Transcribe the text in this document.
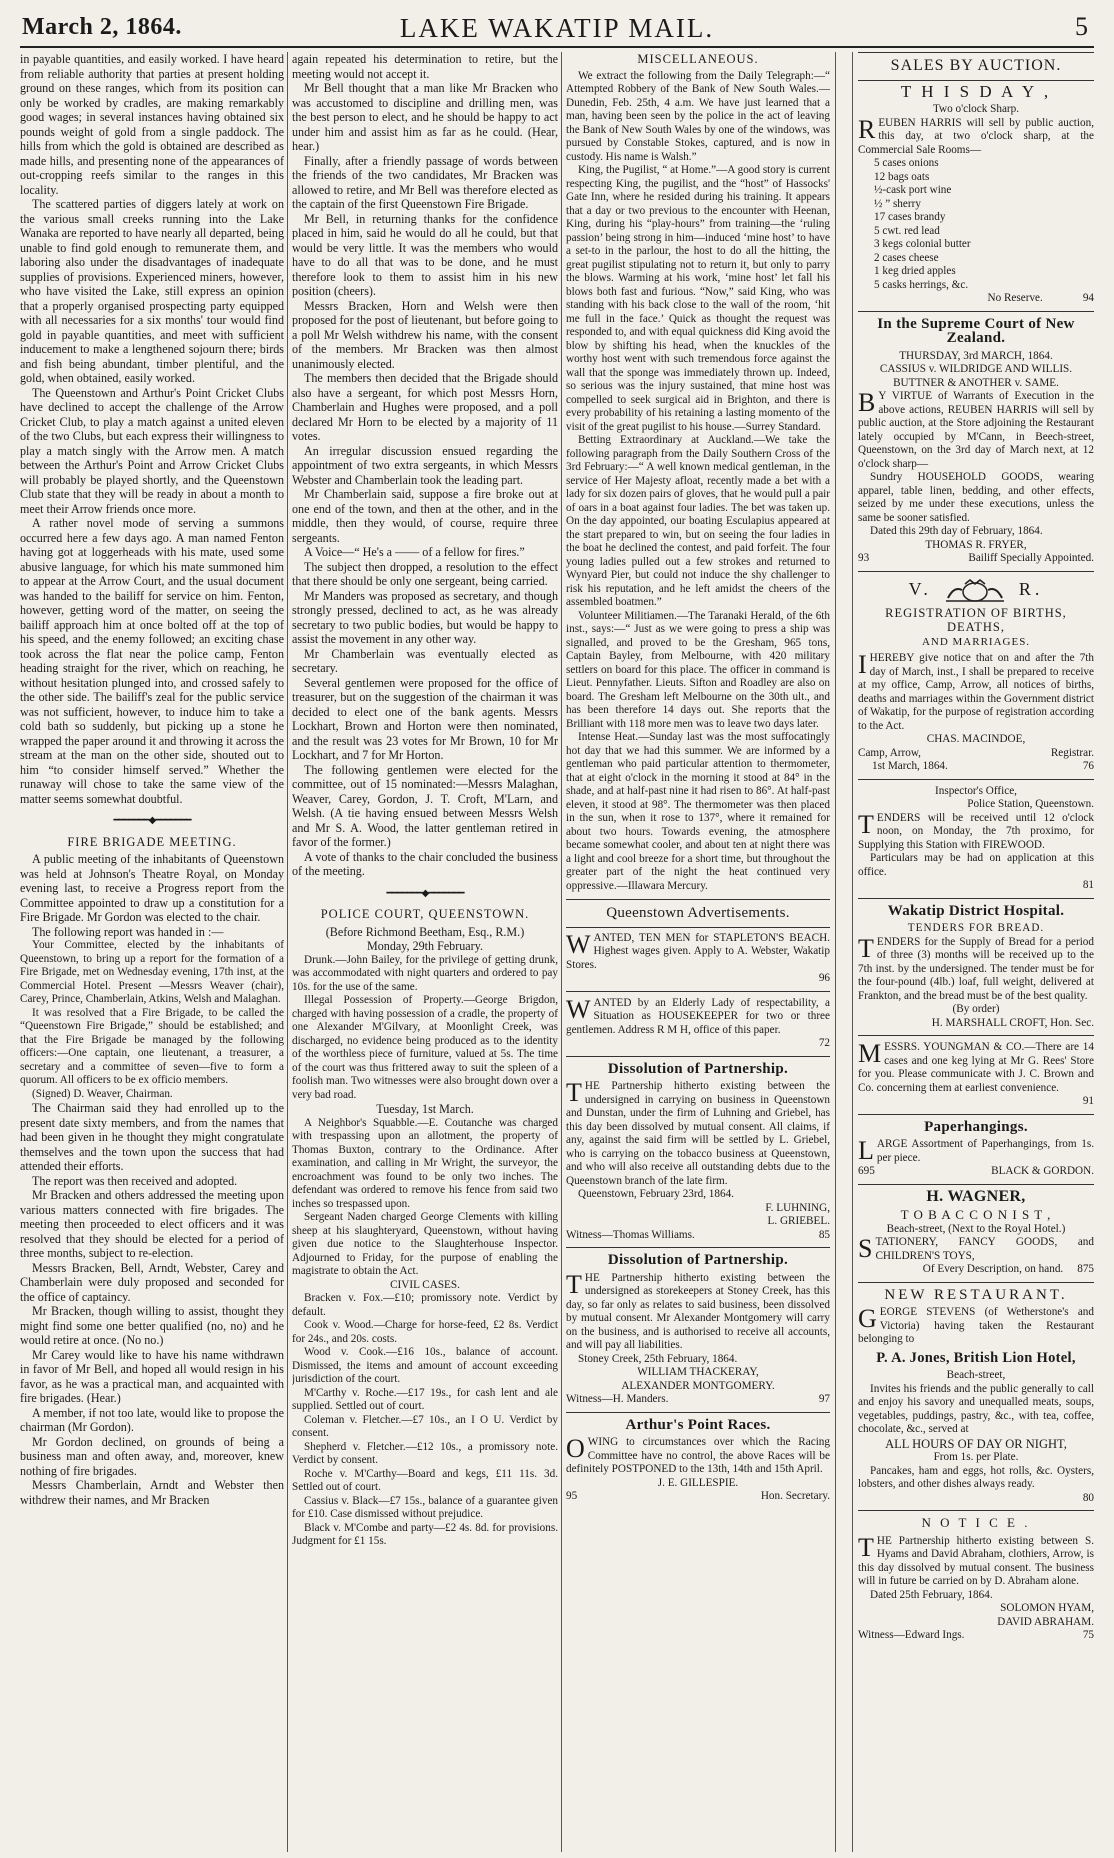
March 2, 1864.	LAKE WAKATIP MAIL.	5

in payable quantities, and easily worked. I have heard from reliable authority that parties at present holding ground on these ranges, which from its position can only be worked by cradles, are making remarkably good wages; in several instances having obtained six pounds weight of gold from a single paddock. The hills from which the gold is obtained are described as made hills, and presenting none of the appearances of out-cropping reefs similar to the ranges in this locality.

The scattered parties of diggers lately at work on the various small creeks running into the Lake Wanaka are reported to have nearly all departed, being unable to find gold enough to remunerate them, and laboring also under the disadvantages of inadequate supplies of provisions. Experienced miners, however, who have visited the Lake, still express an opinion that a properly organised prospecting party equipped with all necessaries for a six months' tour would find gold in payable quantities, and meet with sufficient inducement to make a lengthened sojourn there; birds and fish being abundant, timber plentiful, and the gold, when obtained, easily worked.

The Queenstown and Arthur's Point Cricket Clubs have declined to accept the challenge of the Arrow Cricket Club, to play a match against a united eleven of the two Clubs, but each express their willingness to play a match singly with the Arrow men. A match between the Arthur's Point and Arrow Cricket Clubs will probably be played shortly, and the Queenstown Club state that they will be ready in about a month to meet their Arrow friends once more.

A rather novel mode of serving a summons occurred here a few days ago. A man named Fenton having got at loggerheads with his mate, used some abusive language, for which his mate summoned him to appear at the Arrow Court, and the usual document was handed to the bailiff for service on him. Fenton, however, getting word of the matter, on seeing the bailiff approach him at once bolted off at the top of his speed, and the enemy followed; an exciting chase took across the flat near the police camp, Fenton heading straight for the river, which on reaching, he without hesitation plunged into, and crossed safely to the other side. The bailiff's zeal for the public service was not sufficient, however, to induce him to take a cold bath so suddenly, but picking up a stone he wrapped the paper around it and throwing it across the stream at the man on the other side, shouted out to him “to consider himself served.” Whether the runaway will chose to take the same view of the matter seems somewhat doubtful.

━━━━━━━◆━━━━━━━
FIRE BRIGADE MEETING.

A public meeting of the inhabitants of Queenstown was held at Johnson's Theatre Royal, on Monday evening last, to receive a Progress report from the Committee appointed to draw up a constitution for a Fire Brigade. Mr Gordon was elected to the chair.

The following report was handed in :—

Your Committee, elected by the inhabitants of Queenstown, to bring up a report for the formation of a Fire Brigade, met on Wednesday evening, 17th inst, at the Commercial Hotel. Present —Messrs Weaver (chair), Carey, Prince, Chamberlain, Atkins, Welsh and Malaghan.

It was resolved that a Fire Brigade, to be called the “Queenstown Fire Brigade,” should be established; and that the Fire Brigade be managed by the following officers:—One captain, one lieutenant, a treasurer, a secretary and a committee of seven—five to form a quorum. All officers to be ex officio members.

(Signed) D. Weaver, Chairman.

The Chairman said they had enrolled up to the present date sixty members, and from the names that had been given in he thought they might congratulate themselves and the town upon the success that had attended their efforts.

The report was then received and adopted.

Mr Bracken and others addressed the meeting upon various matters connected with fire brigades. The meeting then proceeded to elect officers and it was resolved that they should be elected for a period of three months, subject to re-election.

Messrs Bracken, Bell, Arndt, Webster, Carey and Chamberlain were duly proposed and seconded for the office of captaincy.

Mr Bracken, though willing to assist, thought they might find some one better qualified (no, no) and he would retire at once. (No no.)

Mr Carey would like to have his name withdrawn in favor of Mr Bell, and hoped all would resign in his favor, as he was a practical man, and acquainted with fire brigades. (Hear.)

A member, if not too late, would like to propose the chairman (Mr Gordon).

Mr Gordon declined, on grounds of being a business man and often away, and, moreover, knew nothing of fire brigades.

Messrs Chamberlain, Arndt and Webster then withdrew their names, and Mr Bracken

again repeated his determination to retire, but the meeting would not accept it.

Mr Bell thought that a man like Mr Bracken who was accustomed to discipline and drilling men, was the best person to elect, and he should be happy to act under him and assist him as far as he could. (Hear, hear.)

Finally, after a friendly passage of words between the friends of the two candidates, Mr Bracken was allowed to retire, and Mr Bell was therefore elected as the captain of the first Queenstown Fire Brigade.

Mr Bell, in returning thanks for the confidence placed in him, said he would do all he could, but that would be very little. It was the members who would have to do all that was to be done, and he must therefore look to them to assist him in his new position (cheers).

Messrs Bracken, Horn and Welsh were then proposed for the post of lieutenant, but before going to a poll Mr Welsh withdrew his name, with the consent of the members. Mr Bracken was then almost unanimously elected.

The members then decided that the Brigade should also have a sergeant, for which post Messrs Horn, Chamberlain and Hughes were proposed, and a poll declared Mr Horn to be elected by a majority of 11 votes.

An irregular discussion ensued regarding the appointment of two extra sergeants, in which Messrs Webster and Chamberlain took the leading part.

Mr Chamberlain said, suppose a fire broke out at one end of the town, and then at the other, and in the middle, then they would, of course, require three sergeants.

A Voice—“ He's a —— of a fellow for fires.”

The subject then dropped, a resolution to the effect that there should be only one sergeant, being carried.

Mr Manders was proposed as secretary, and though strongly pressed, declined to act, as he was already secretary to two public bodies, but would be happy to assist the movement in any other way.

Mr Chamberlain was eventually elected as secretary.

Several gentlemen were proposed for the office of treasurer, but on the suggestion of the chairman it was decided to elect one of the bank agents. Messrs Lockhart, Brown and Horton were then nominated, and the result was 23 votes for Mr Brown, 10 for Mr Lockhart, and 7 for Mr Horton.

The following gentlemen were elected for the committee, out of 15 nominated:—Messrs Malaghan, Weaver, Carey, Gordon, J. T. Croft, M'Larn, and Welsh. (A tie having ensued between Messrs Welsh and Mr S. A. Wood, the latter gentleman retired in favor of the former.)

A vote of thanks to the chair concluded the business of the meeting.

━━━━━━━◆━━━━━━━
POLICE COURT, QUEENSTOWN.

(Before Richmond Beetham, Esq., R.M.)

Monday, 29th February.

Drunk.—John Bailey, for the privilege of getting drunk, was accommodated with night quarters and ordered to pay 10s. for the use of the same.

Illegal Possession of Property.—George Brigdon, charged with having possession of a cradle, the property of one Alexander M'Gilvary, at Moonlight Creek, was discharged, no evidence being produced as to the identity of the worthless piece of furniture, valued at 5s. The time of the court was thus frittered away to suit the spleen of a foolish man. Two witnesses were also brought down over a very bad road.

Tuesday, 1st March.

A Neighbor's Squabble.—E. Coutanche was charged with trespassing upon an allotment, the property of Thomas Buxton, contrary to the Ordinance. After examination, and calling in Mr Wright, the surveyor, the encroachment was found to be only two inches. The defendant was ordered to remove his fence from said two inches so trespassed upon.

Sergeant Naden charged George Clements with killing sheep at his slaughteryard, Queenstown, without having given due notice to the Slaughterhouse Inspector. Adjourned to Friday, for the purpose of enabling the magistrate to obtain the Act.

CIVIL CASES.

Bracken v. Fox.—£10; promissory note. Verdict by default.

Cook v. Wood.—Charge for horse-feed, £2 8s. Verdict for 24s., and 20s. costs.

Wood v. Cook.—£16 10s., balance of account. Dismissed, the items and amount of account exceeding jurisdiction of the court.

M'Carthy v. Roche.—£17 19s., for cash lent and ale supplied. Settled out of court.

Coleman v. Fletcher.—£7 10s., an I O U. Verdict by consent.

Shepherd v. Fletcher.—£12 10s., a promissory note. Verdict by consent.

Roche v. M'Carthy—Board and kegs, £11 11s. 3d. Settled out of court.

Cassius v. Black—£7 15s., balance of a guarantee given for £10. Case dismissed without prejudice.

Black v. M'Combe and party—£2 4s. 8d. for provisions. Judgment for £1 15s.

MISCELLANEOUS.

We extract the following from the Daily Telegraph:—“ Attempted Robbery of the Bank of New South Wales.—Dunedin, Feb. 25th, 4 a.m. We have just learned that a man, having been seen by the police in the act of leaving the Bank of New South Wales by one of the windows, was pursued by Constable Stokes, captured, and is now in custody. His name is Walsh.”

King, the Pugilist, “ at Home.”—A good story is current respecting King, the pugilist, and the “host” of Hassocks' Gate Inn, where he resided during his training. It appears that a day or two previous to the encounter with Heenan, King, during his “play-hours” from training—the ‘ruling passion’ being strong in him—induced ‘mine host’ to have a set-to in the parlour, the host to do all the hitting, the great pugilist stipulating not to return it, but only to parry the blows. Warming at his work, ‘mine host’ let fall his blows both fast and furious. “Now,” said King, who was standing with his back close to the wall of the room, ‘hit me full in the face.’ Quick as thought the request was responded to, and with equal quickness did King avoid the blow by shifting his head, when the knuckles of the worthy host went with such tremendous force against the wall that the sponge was immediately thrown up. Indeed, so serious was the injury sustained, that mine host was compelled to seek surgical aid in Brighton, and there is every probability of his retaining a lasting momento of the visit of the great pugilist to his house.—Surrey Standard.

Betting Extraordinary at Auckland.—We take the following paragraph from the Daily Southern Cross of the 3rd February:—“ A well known medical gentleman, in the service of Her Majesty afloat, recently made a bet with a lady for six dozen pairs of gloves, that he would pull a pair of oars in a boat against four ladies. The bet was taken up. On the day appointed, our boating Esculapius appeared at the start prepared to win, but on seeing the four ladies in the boat he declined the contest, and paid forfeit. The four young ladies pulled out a few strokes and returned to Wynyard Pier, but could not induce the shy challenger to risk his reputation, and he left amidst the cheers of the assembled boatmen.”

Volunteer Militiamen.—The Taranaki Herald, of the 6th inst., says:—“ Just as we were going to press a ship was signalled, and proved to be the Gresham, 965 tons, Captain Bayley, from Melbourne, with 420 military settlers on board for this place. The officer in command is Lieut. Pennyfather. Lieuts. Sifton and Roadley are also on board. The Gresham left Melbourne on the 30th ult., and has been therefore 14 days out. She reports that the Brilliant with 118 more men was to leave two days later.

Intense Heat.—Sunday last was the most suffocatingly hot day that we had this summer. We are informed by a gentleman who paid particular attention to thermometer, that at eight o'clock in the morning it stood at 84° in the shade, and at half-past nine it had risen to 86°. At half-past eleven, it stood at 98°. The thermometer was then placed in the sun, when it rose to 137°, where it remained for about two hours. Towards evening, the atmosphere became somewhat cooler, and about ten at night there was a light and cool breeze for a short time, but throughout the greater part of the night the heat continued very oppressive.—Illawara Mercury.

Queenstown Advertisements.

WANTED, TEN MEN for STAPLETON'S BEACH. Highest wages given. Apply to A. Webster, Wakatip Stores.

96

WANTED by an Elderly Lady of respectability, a Situation as HOUSEKEEPER for two or three gentlemen. Address R M H, office of this paper.

72

Dissolution of Partnership.

THE Partnership hitherto existing between the undersigned in carrying on business in Queenstown and Dunstan, under the firm of Luhning and Griebel, has this day been dissolved by mutual consent. All claims, if any, against the said firm will be settled by L. Griebel, who is carrying on the tobacco business at Queenstown, and who will also receive all outstanding debts due to the Queenstown branch of the late firm.

Queenstown, February 23rd, 1864.

F. LUHNING,

L. GRIEBEL.

Witness—Thomas Williams.	85
Dissolution of Partnership.

THE Partnership hitherto existing between the undersigned as storekeepers at Stoney Creek, has this day, so far only as relates to said business, been dissolved by mutual consent. Mr Alexander Montgomery will carry on the business, and is authorised to receive all accounts, and will pay all liabilities.

Stoney Creek, 25th February, 1864.

WILLIAM THACKERAY,

ALEXANDER MONTGOMERY.

Witness—H. Manders.	97
Arthur's Point Races.

OWING to circumstances over which the Racing Committee have no control, the above Races will be definitely POSTPONED to the 13th, 14th and 15th April.

J. E. GILLESPIE.

95	Hon. Secretary.
SALES BY AUCTION.
T H I S D A Y ,

Two o'clock Sharp.

REUBEN HARRIS will sell by public auction, this day, at two o'clock sharp, at the Commercial Sale Rooms—

5 cases onions

12 bags oats

½-cask port wine

½ ” sherry

17 cases brandy

5 cwt. red lead

3 kegs colonial butter

2 cases cheese

1 keg dried apples

5 casks herrings, &c.

No Reserve.	94
In the Supreme Court of New Zealand.

THURSDAY, 3rd MARCH, 1864.

CASSIUS v. WILDRIDGE AND WILLIS.

BUTTNER & ANOTHER v. SAME.

BY VIRTUE of Warrants of Execution in the above actions, REUBEN HARRIS will sell by public auction, at the Store adjoining the Restaurant lately occupied by M'Cann, in Beech-street, Queenstown, on the 3rd day of March next, at 12 o'clock sharp—

Sundry HOUSEHOLD GOODS, wearing apparel, table linen, bedding, and other effects, seized by me under these executions, unless the same be sooner satisfied.

Dated this 29th day of February, 1864.

THOMAS R. FRYER,

93	Bailiff Specially Appointed.
V.	R.
REGISTRATION OF BIRTHS, DEATHS,
AND MARRIAGES.

IHEREBY give notice that on and after the 7th day of March, inst., I shall be prepared to receive at my office, Camp, Arrow, all notices of births, deaths and marriages within the Government district of Wakatip, for the purpose of registration according to the Act.

CHAS. MACINDOE,

Camp, Arrow,	Registrar.
1st March, 1864.	76

Inspector's Office,

Police Station, Queenstown.

TENDERS will be received until 12 o'clock noon, on Monday, the 7th proximo, for Supplying this Station with FIREWOOD.

Particulars may be had on application at this office.

81

Wakatip District Hospital.

TENDERS FOR BREAD.

TENDERS for the Supply of Bread for a period of three (3) months will be received up to the 7th inst. by the undersigned. The tender must be for the four-pound (4lb.) loaf, full weight, delivered at Frankton, and the bread must be of the best quality.

(By order)

H. MARSHALL CROFT, Hon. Sec.

MESSRS. YOUNGMAN & CO.—There are 14 cases and one keg lying at Mr G. Rees' Store for you. Please communicate with J. C. Brown and Co. concerning them at earliest convenience.

91

Paperhangings.

LARGE Assortment of Paperhangings, from 1s. per piece.

695	BLACK & GORDON.
H. WAGNER,

T O B A C C O N I S T ,

Beach-street, (Next to the Royal Hotel.)

STATIONERY, FANCY GOODS, and CHILDREN'S TOYS,

Of Every Description, on hand. 875
NEW RESTAURANT.

GEORGE STEVENS (of Wetherstone's and Victoria) having taken the Restaurant belonging to

P. A. Jones, British Lion Hotel,

Beach-street,

Invites his friends and the public generally to call and enjoy his savory and unequalled meats, soups, vegetables, puddings, pastry, &c., with tea, coffee, chocolate, &c., served at

ALL HOURS OF DAY OR NIGHT,

From 1s. per Plate.

Pancakes, ham and eggs, hot rolls, &c. Oysters, lobsters, and other dishes always ready.

80

N O T I C E .

THE Partnership hitherto existing between S. Hyams and David Abraham, clothiers, Arrow, is this day dissolved by mutual consent. The business will in future be carried on by D. Abraham alone.

Dated 25th February, 1864.

SOLOMON HYAM,

DAVID ABRAHAM.

Witness—Edward Ings.	75
